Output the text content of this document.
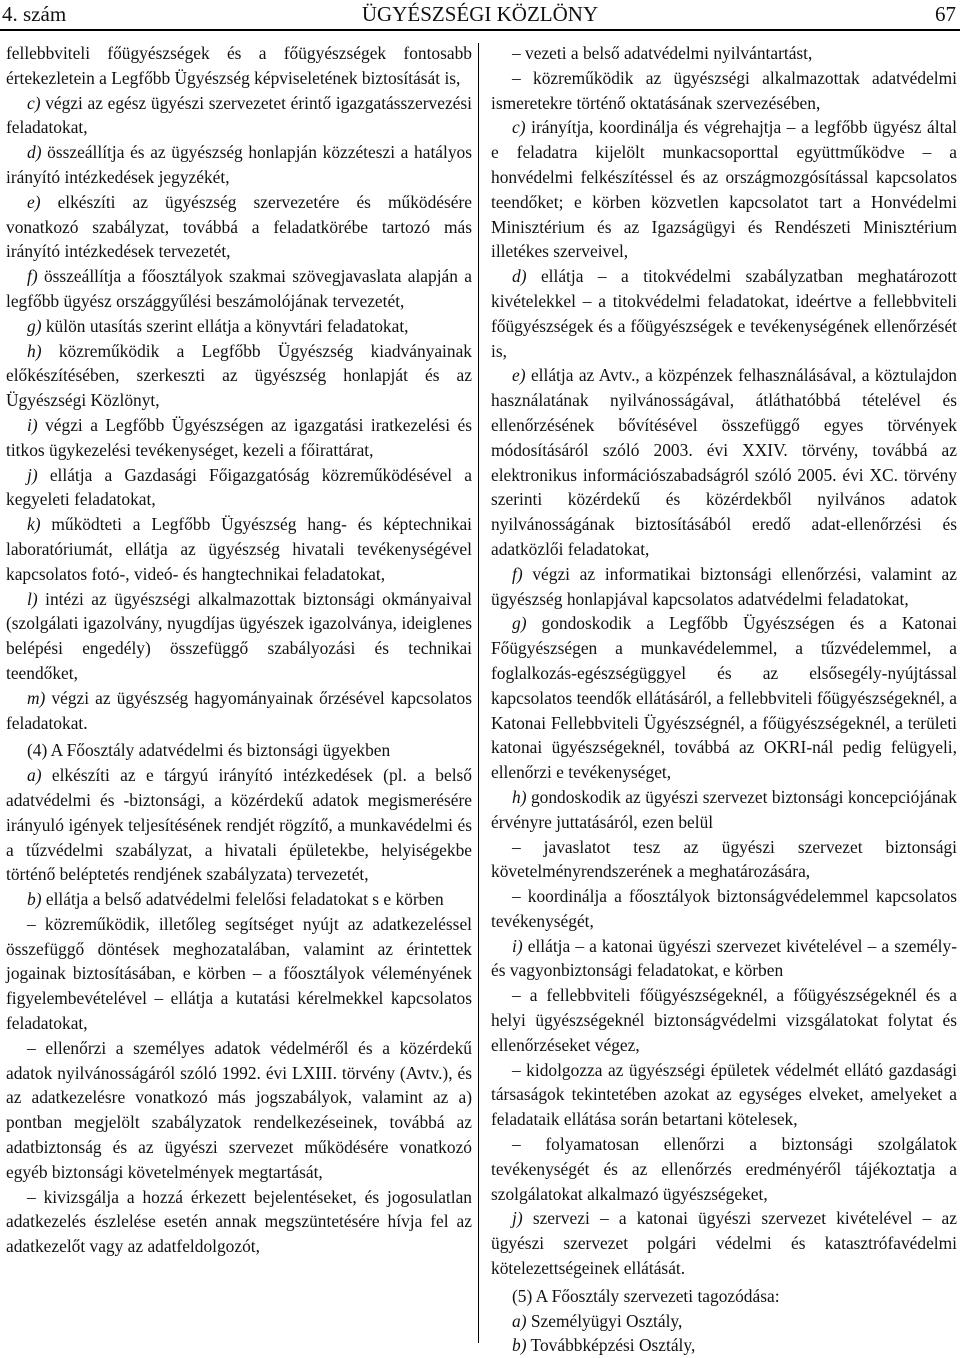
ÜGYÉSZSÉGI KÖZLÖNY
4. szám	67

fellebbviteli főügyészségek és a főügyészségek fontosabb értekezletein a Legfőbb Ügyészség képviseletének biztosítását is,

c) végzi az egész ügyészi szervezetet érintő igazgatásszervezési feladatokat,

d) összeállítja és az ügyészség honlapján közzéteszi a hatályos irányító intézkedések jegyzékét,

e) elkészíti az ügyészség szervezetére és működésére vonatkozó szabályzat, továbbá a feladatkörébe tartozó más irányító intézkedések tervezetét,

f) összeállítja a főosztályok szakmai szövegjavaslata alapján a legfőbb ügyész országgyűlési beszámolójának tervezetét,

g) külön utasítás szerint ellátja a könyvtári feladatokat,

h) közreműködik a Legfőbb Ügyészség kiadványainak előkészítésében, szerkeszti az ügyészség honlapját és az Ügyészségi Közlönyt,

i) végzi a Legfőbb Ügyészségen az igazgatási iratkezelési és titkos ügykezelési tevékenységet, kezeli a főirattárat,

j) ellátja a Gazdasági Főigazgatóság közreműködésével a kegyeleti feladatokat,

k) működteti a Legfőbb Ügyészség hang- és képtechnikai laboratóriumát, ellátja az ügyészség hivatali tevékenységével kapcsolatos fotó-, videó- és hangtechnikai feladatokat,

l) intézi az ügyészségi alkalmazottak biztonsági okmányaival (szolgálati igazolvány, nyugdíjas ügyészek igazolványa, ideiglenes belépési engedély) összefüggő szabályozási és technikai teendőket,

m) végzi az ügyészség hagyományainak őrzésével kapcsolatos feladatokat.

(4) A Főosztály adatvédelmi és biztonsági ügyekben

a) elkészíti az e tárgyú irányító intézkedések (pl. a belső adatvédelmi és -biztonsági, a közérdekű adatok megismerésére irányuló igények teljesítésének rendjét rögzítő, a munkavédelmi és a tűzvédelmi szabályzat, a hivatali épületekbe, helyiségekbe történő beléptetés rendjének szabályzata) tervezetét,

b) ellátja a belső adatvédelmi felelősi feladatokat s e körben

– közreműködik, illetőleg segítséget nyújt az adatkezeléssel összefüggő döntések meghozatalában, valamint az érintettek jogainak biztosításában, e körben – a főosztályok véleményének figyelembevételével – ellátja a kutatási kérelmekkel kapcsolatos feladatokat,

– ellenőrzi a személyes adatok védelméről és a közérdekű adatok nyilvánosságáról szóló 1992. évi LXIII. törvény (Avtv.), és az adatkezelésre vonatkozó más jogszabályok, valamint az a) pontban megjelölt szabályzatok rendelkezéseinek, továbbá az adatbiztonság és az ügyészi szervezet működésére vonatkozó egyéb biztonsági követelmények megtartását,

– kivizsgálja a hozzá érkezett bejelentéseket, és jogosulatlan adatkezelés észlelése esetén annak megszüntetésére hívja fel az adatkezelőt vagy az adatfeldolgozót,

– vezeti a belső adatvédelmi nyilvántartást,

– közreműködik az ügyészségi alkalmazottak adatvédelmi ismeretekre történő oktatásának szervezésében,

c) irányítja, koordinálja és végrehajtja – a legfőbb ügyész által e feladatra kijelölt munkacsoporttal együttműködve – a honvédelmi felkészítéssel és az országmozgósítással kapcsolatos teendőket; e körben közvetlen kapcsolatot tart a Honvédelmi Minisztérium és az Igazságügyi és Rendészeti Minisztérium illetékes szerveivel,

d) ellátja – a titokvédelmi szabályzatban meghatározott kivételekkel – a titokvédelmi feladatokat, ideértve a fellebbviteli főügyészségek és a főügyészségek e tevékenységének ellenőrzését is,

e) ellátja az Avtv., a közpénzek felhasználásával, a köztulajdon használatának nyilvánosságával, átláthatóbbá tételével és ellenőrzésének bővítésével összefüggő egyes törvények módosításáról szóló 2003. évi XXIV. törvény, továbbá az elektronikus információszabadságról szóló 2005. évi XC. törvény szerinti közérdekű és közérdekből nyilvános adatok nyilvánosságának biztosításából eredő adat-ellenőrzési és adatközlői feladatokat,

f) végzi az informatikai biztonsági ellenőrzési, valamint az ügyészség honlapjával kapcsolatos adatvédelmi feladatokat,

g) gondoskodik a Legfőbb Ügyészségen és a Katonai Főügyészségen a munkavédelemmel, a tűzvédelemmel, a foglalkozás-egészségüggyel és az elsősegély-nyújtással kapcsolatos teendők ellátásáról, a fellebbviteli főügyészségeknél, a Katonai Fellebbviteli Ügyészségnél, a főügyészségeknél, a területi katonai ügyészségeknél, továbbá az OKRI-nál pedig felügyeli, ellenőrzi e tevékenységet,

h) gondoskodik az ügyészi szervezet biztonsági koncepciójának érvényre juttatásáról, ezen belül

– javaslatot tesz az ügyészi szervezet biztonsági követelményrendszerének a meghatározására,

– koordinálja a főosztályok biztonságvédelemmel kapcsolatos tevékenységét,

i) ellátja – a katonai ügyészi szervezet kivételével – a személy- és vagyonbiztonsági feladatokat, e körben

– a fellebbviteli főügyészségeknél, a főügyészségeknél és a helyi ügyészségeknél biztonságvédelmi vizsgálatokat folytat és ellenőrzéseket végez,

– kidolgozza az ügyészségi épületek védelmét ellátó gazdasági társaságok tekintetében azokat az egységes elveket, amelyeket a feladataik ellátása során betartani kötelesek,

– folyamatosan ellenőrzi a biztonsági szolgálatok tevékenységét és az ellenőrzés eredményéről tájékoztatja a szolgálatokat alkalmazó ügyészségeket,

j) szervezi – a katonai ügyészi szervezet kivételével – az ügyészi szervezet polgári védelmi és katasztrófavédelmi kötelezettségeinek ellátását.

(5) A Főosztály szervezeti tagozódása:

a) Személyügyi Osztály,

b) Továbbképzési Osztály,
